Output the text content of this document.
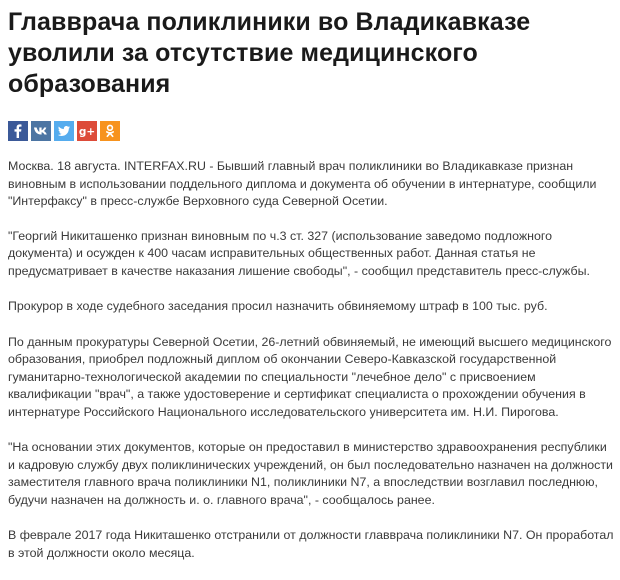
Главврача поликлиники во Владикавказе уволили за отсутствие медицинского образования
g+

Москва. 18 августа. INTERFAX.RU - Бывший главный врач поликлиники во Владикавказе признан виновным в использовании поддельного диплома и документа об обучении в интернатуре, сообщили "Интерфаксу" в пресс-службе Верховного суда Северной Осетии.

"Георгий Никиташенко признан виновным по ч.3 ст. 327 (использование заведомо подложного документа) и осужден к 400 часам исправительных общественных работ. Данная статья не предусматривает в качестве наказания лишение свободы", - сообщил представитель пресс-службы.

Прокурор в ходе судебного заседания просил назначить обвиняемому штраф в 100 тыс. руб.

По данным прокуратуры Северной Осетии, 26-летний обвиняемый, не имеющий высшего медицинского образования, приобрел подложный диплом об окончании Северо-Кавказской государственной гуманитарно-технологической академии по специальности "лечебное дело" с присвоением квалификации "врач", а также удостоверение и сертификат специалиста о прохождении обучения в интернатуре Российского Национального исследовательского университета им. Н.И. Пирогова.

"На основании этих документов, которые он предоставил в министерство здравоохранения республики и кадровую службу двух поликлинических учреждений, он был последовательно назначен на должности заместителя главного врача поликлиники N1, поликлиники N7, а впоследствии возглавил последнюю, будучи назначен на должность и. о. главного врача", - сообщалось ранее.

В феврале 2017 года Никиташенко отстранили от должности главврача поликлиники N7. Он проработал в этой должности около месяца.
